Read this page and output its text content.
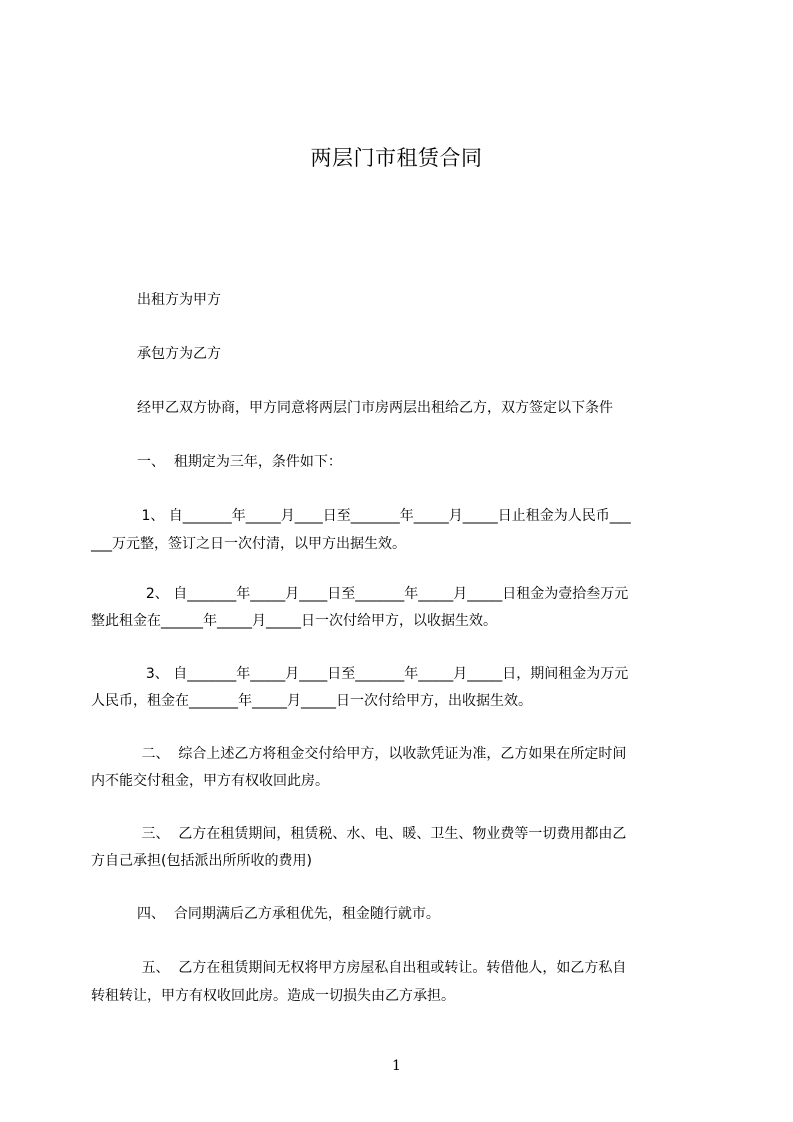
两层门市租赁合同
出租方为甲方
承包方为乙方
经甲乙双方协商，甲方同意将两层门市房两层出租给乙方，双方签定以下条件
一、  租期定为三年，条件如下：
1、 自_______年_____月____日至_______年_____月_____日止租金为人民币___
___万元整，签订之日一次付清，以甲方出据生效。
2、 自_______年_____月____日至_______年_____月_____日租金为壹拾叁万元
整此租金在______年_____月_____日一次付给甲方，以收据生效。
3、 自_______年_____月____日至_______年_____月_____日，期间租金为万元
人民币，租金在_______年_____月_____日一次付给甲方，出收据生效。
二、  综合上述乙方将租金交付给甲方，以收款凭证为准，乙方如果在所定时间
内不能交付租金，甲方有权收回此房。
三、  乙方在租赁期间，租赁税、水、电、暖、卫生、物业费等一切费用都由乙
方自己承担(包括派出所所收的费用)
四、  合同期满后乙方承租优先，租金随行就市。
五、  乙方在租赁期间无权将甲方房屋私自出租或转让。转借他人，如乙方私自
转租转让，甲方有权收回此房。造成一切损失由乙方承担。
1
